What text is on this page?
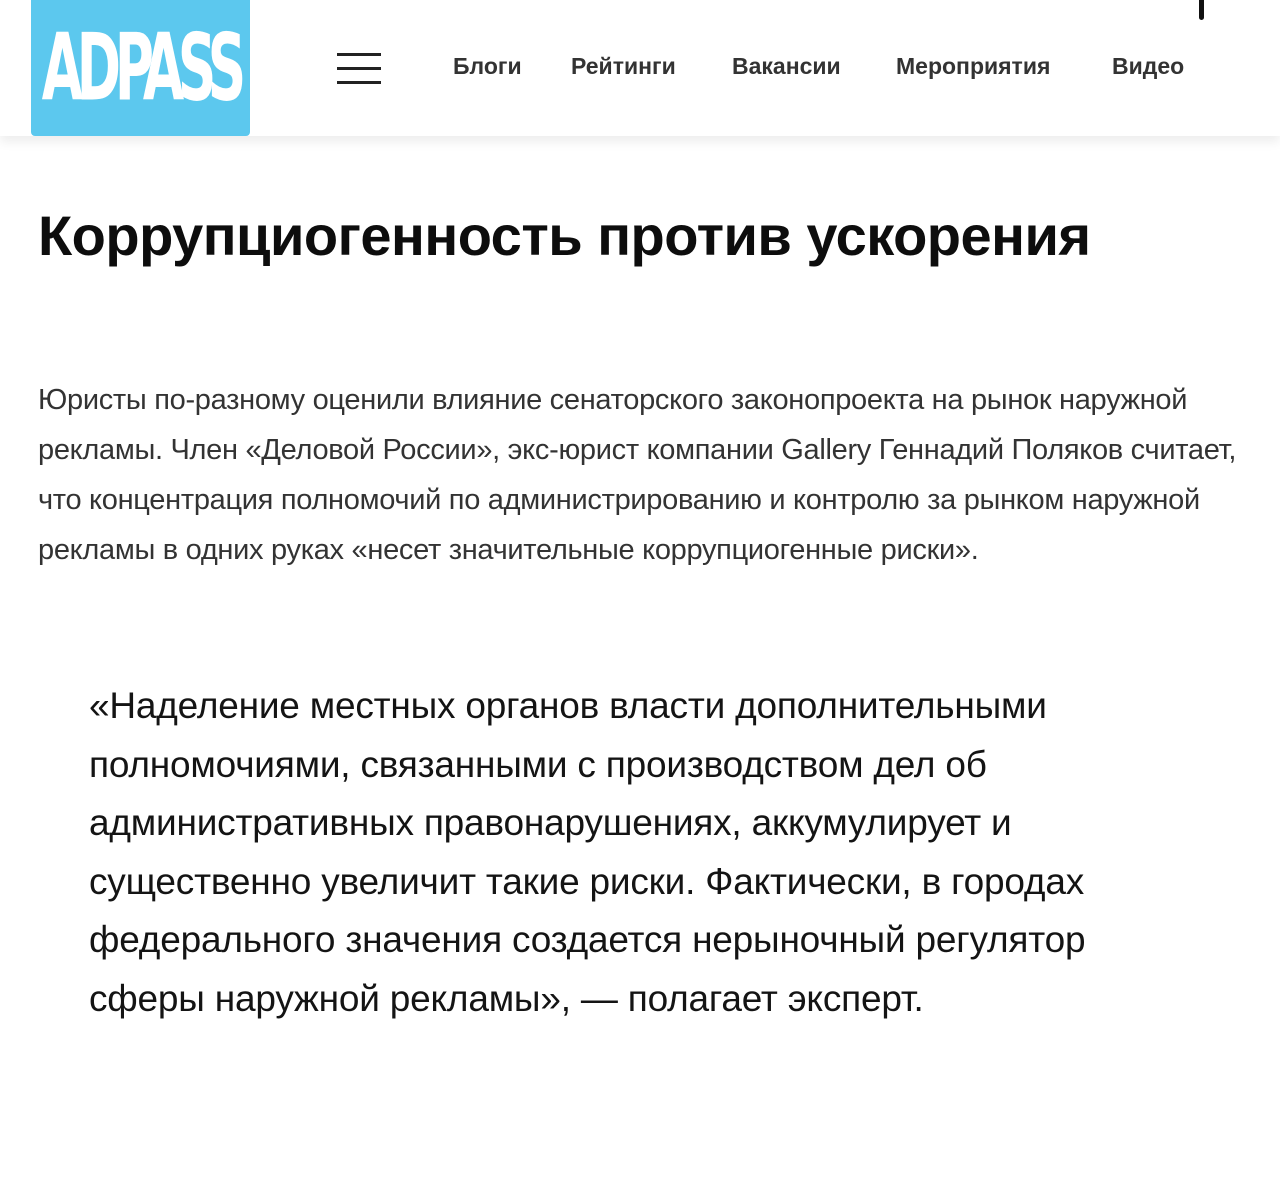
ADPASS	Блоги Рейтинги Вакансии Мероприятия	Видео
Коррупциогенность против ускорения

Юристы по-разному оценили влияние сенаторского законопроекта на рынок наружной рекламы. Член «Деловой России», экс-юрист компании Gallery Геннадий Поляков считает, что концентрация полномочий по администрированию и контролю за рынком наружной рекламы в одних руках «несет значительные коррупциогенные риски».

«Наделение местных органов власти дополнительными полномочиями, связанными с производством дел об административных правонарушениях, аккумулирует и существенно увеличит такие риски. Фактически, в городах федерального значения создается нерыночный регулятор сферы наружной рекламы», — полагает эксперт.
